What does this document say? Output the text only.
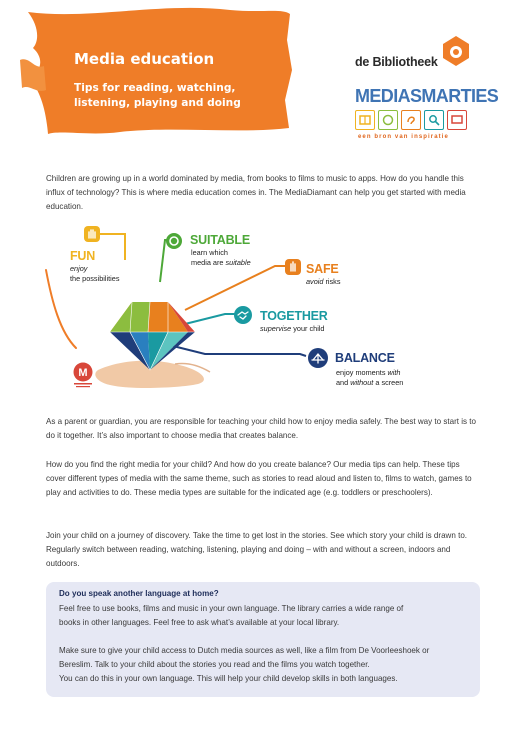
Media education
Tips for reading, watching, listening, playing and doing
de Bibliotheek
MEDIASMARTIES
een bron van inspiratie
Children are growing up in a world dominated by media, from books to films to music to apps. How do you handle this influx of technology? This is where media education comes in. The MediaDiamant can help you get started with media education.
FUN
enjoy
the possibilities
SUITABLE
learn which
media are suitable	SAFE
avoid risks
TOGETHER
supervise your child
BALANCE
enjoy moments with
and without a screen
M
As a parent or guardian, you are responsible for teaching your child how to enjoy media safely. The best way to start is to do it together. It’s also important to choose media that creates balance.
How do you find the right media for your child? And how do you create balance? Our media tips can help. These tips cover different types of media with the same theme, such as stories to read aloud and listen to, films to watch, games to play and activities to do. These media types are suitable for the indicated age (e.g. toddlers or preschoolers).
Join your child on a journey of discovery. Take the time to get lost in the stories. See which story your child is drawn to. Regularly switch between reading, watching, listening, playing and doing – with and without a screen, indoors and outdoors.
Do you speak another language at home?
Feel free to use books, films and music in your own language. The library carries a wide range of
books in other languages. Feel free to ask what’s available at your local library.
Make sure to give your child access to Dutch media sources as well, like a film from De Voorleeshoek or
Bereslim. Talk to your child about the stories you read and the films you watch together.
You can do this in your own language. This will help your child develop skills in both languages.
